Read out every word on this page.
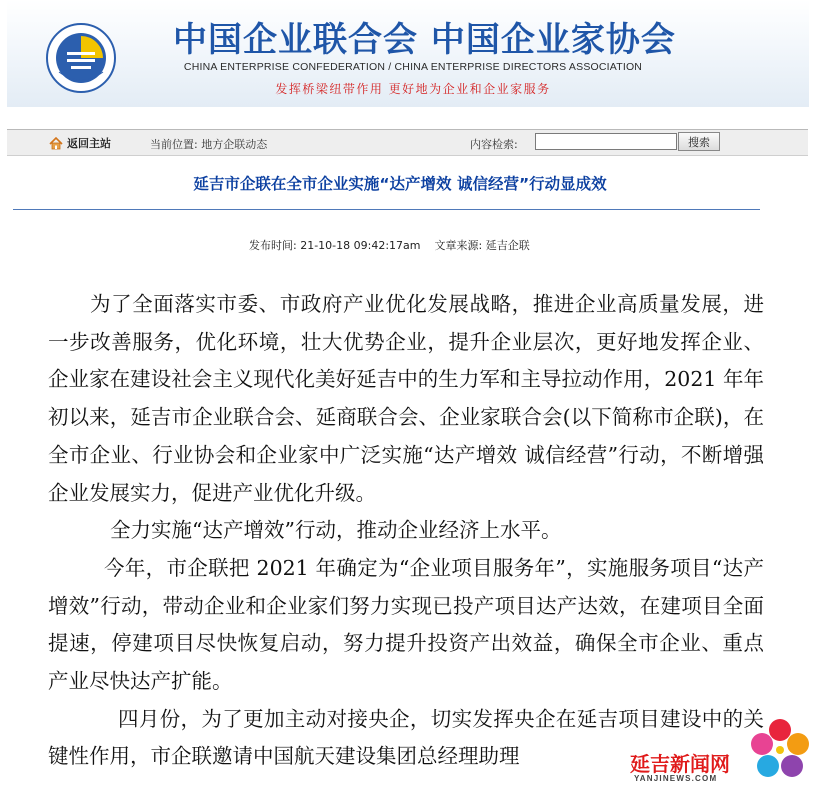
中国企业联合会 中国企业家协会
CHINA ENTERPRISE CONFEDERATION / CHINA ENTERPRISE DIRECTORS ASSOCIATION
发挥桥梁纽带作用 更好地为企业和企业家服务
返回主站	当前位置: 地方企联动态	内容检索:	搜索
延吉市企联在全市企业实施“达产增效 诚信经营”行动显成效
发布时间: 21-10-18 09:42:17am 文章来源: 延吉企联

为了全面落实市委、市政府产业优化发展战略，推进企业高质量发展，进一步改善服务，优化环境，壮大优势企业，提升企业层次，更好地发挥企业、企业家在建设社会主义现代化美好延吉中的生力军和主导拉动作用，2021 年年初以来，延吉市企业联合会、延商联合会、企业家联合会(以下简称市企联)，在全市企业、行业协会和企业家中广泛实施“达产增效 诚信经营”行动，不断增强企业发展实力，促进产业优化升级。

全力实施“达产增效”行动，推动企业经济上水平。

今年，市企联把 2021 年确定为“企业项目服务年”，实施服务项目“达产增效”行动，带动企业和企业家们努力实现已投产项目达产达效，在建项目全面提速，停建项目尽快恢复启动，努力提升投资产出效益，确保全市企业、重点产业尽快达产扩能。

四月份，为了更加主动对接央企，切实发挥央企在延吉项目建设中的关键性作用，市企联邀请中国航天建设集团总经理助理	延吉新闻网
YANJINEWS.COM
